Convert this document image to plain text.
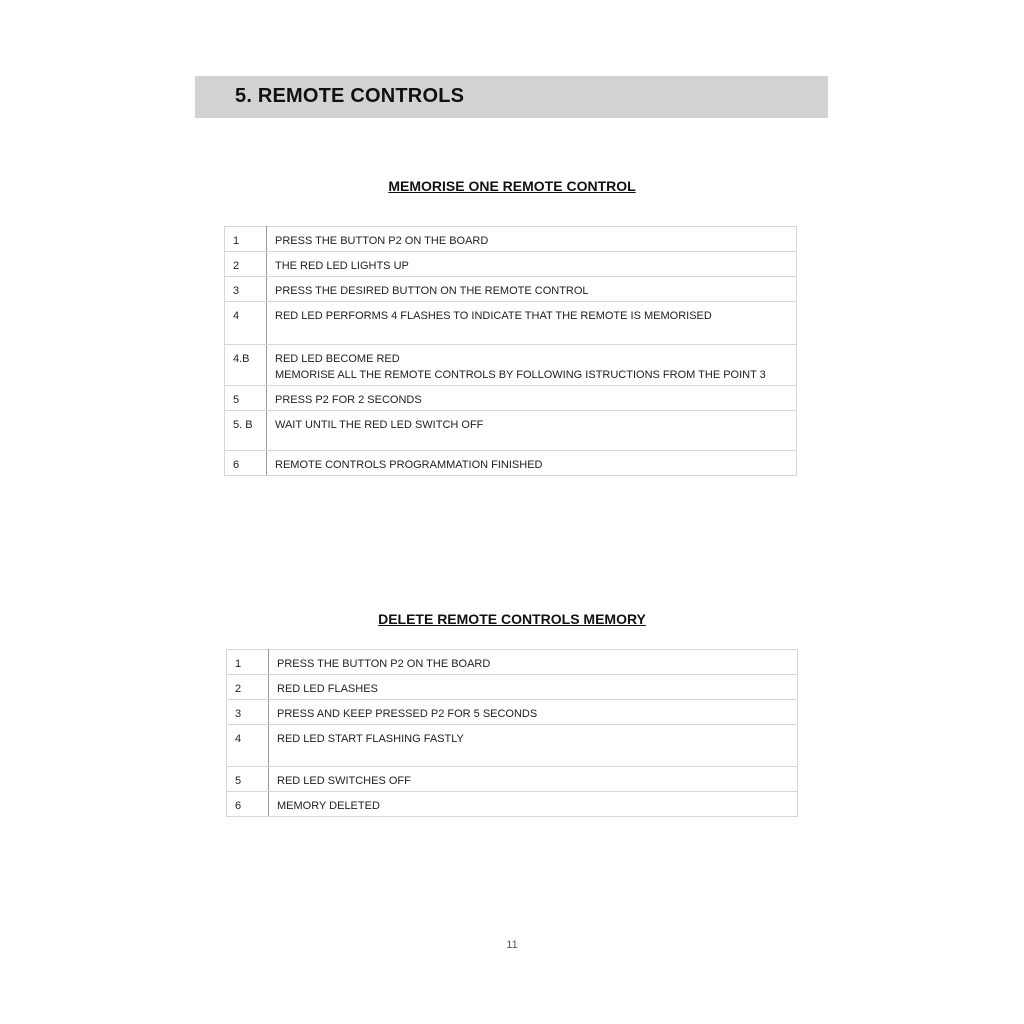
5. REMOTE CONTROLS
MEMORISE ONE REMOTE CONTROL
1	PRESS THE BUTTON P2 ON THE BOARD
2	THE RED LED LIGHTS UP
3	PRESS THE DESIRED BUTTON ON THE REMOTE CONTROL
4	RED LED PERFORMS 4 FLASHES TO INDICATE THAT THE REMOTE IS MEMORISED
4.B	RED LED BECOME RED
MEMORISE ALL THE REMOTE CONTROLS BY FOLLOWING ISTRUCTIONS FROM THE POINT 3
5	PRESS P2 FOR 2 SECONDS
5. B	WAIT UNTIL THE RED LED SWITCH OFF
6	REMOTE CONTROLS PROGRAMMATION FINISHED
DELETE REMOTE CONTROLS MEMORY
1	PRESS THE BUTTON P2 ON THE BOARD
2	RED LED FLASHES
3	PRESS AND KEEP PRESSED P2 FOR 5 SECONDS
4	RED LED START FLASHING FASTLY
5	RED LED SWITCHES OFF
6	MEMORY DELETED
11
